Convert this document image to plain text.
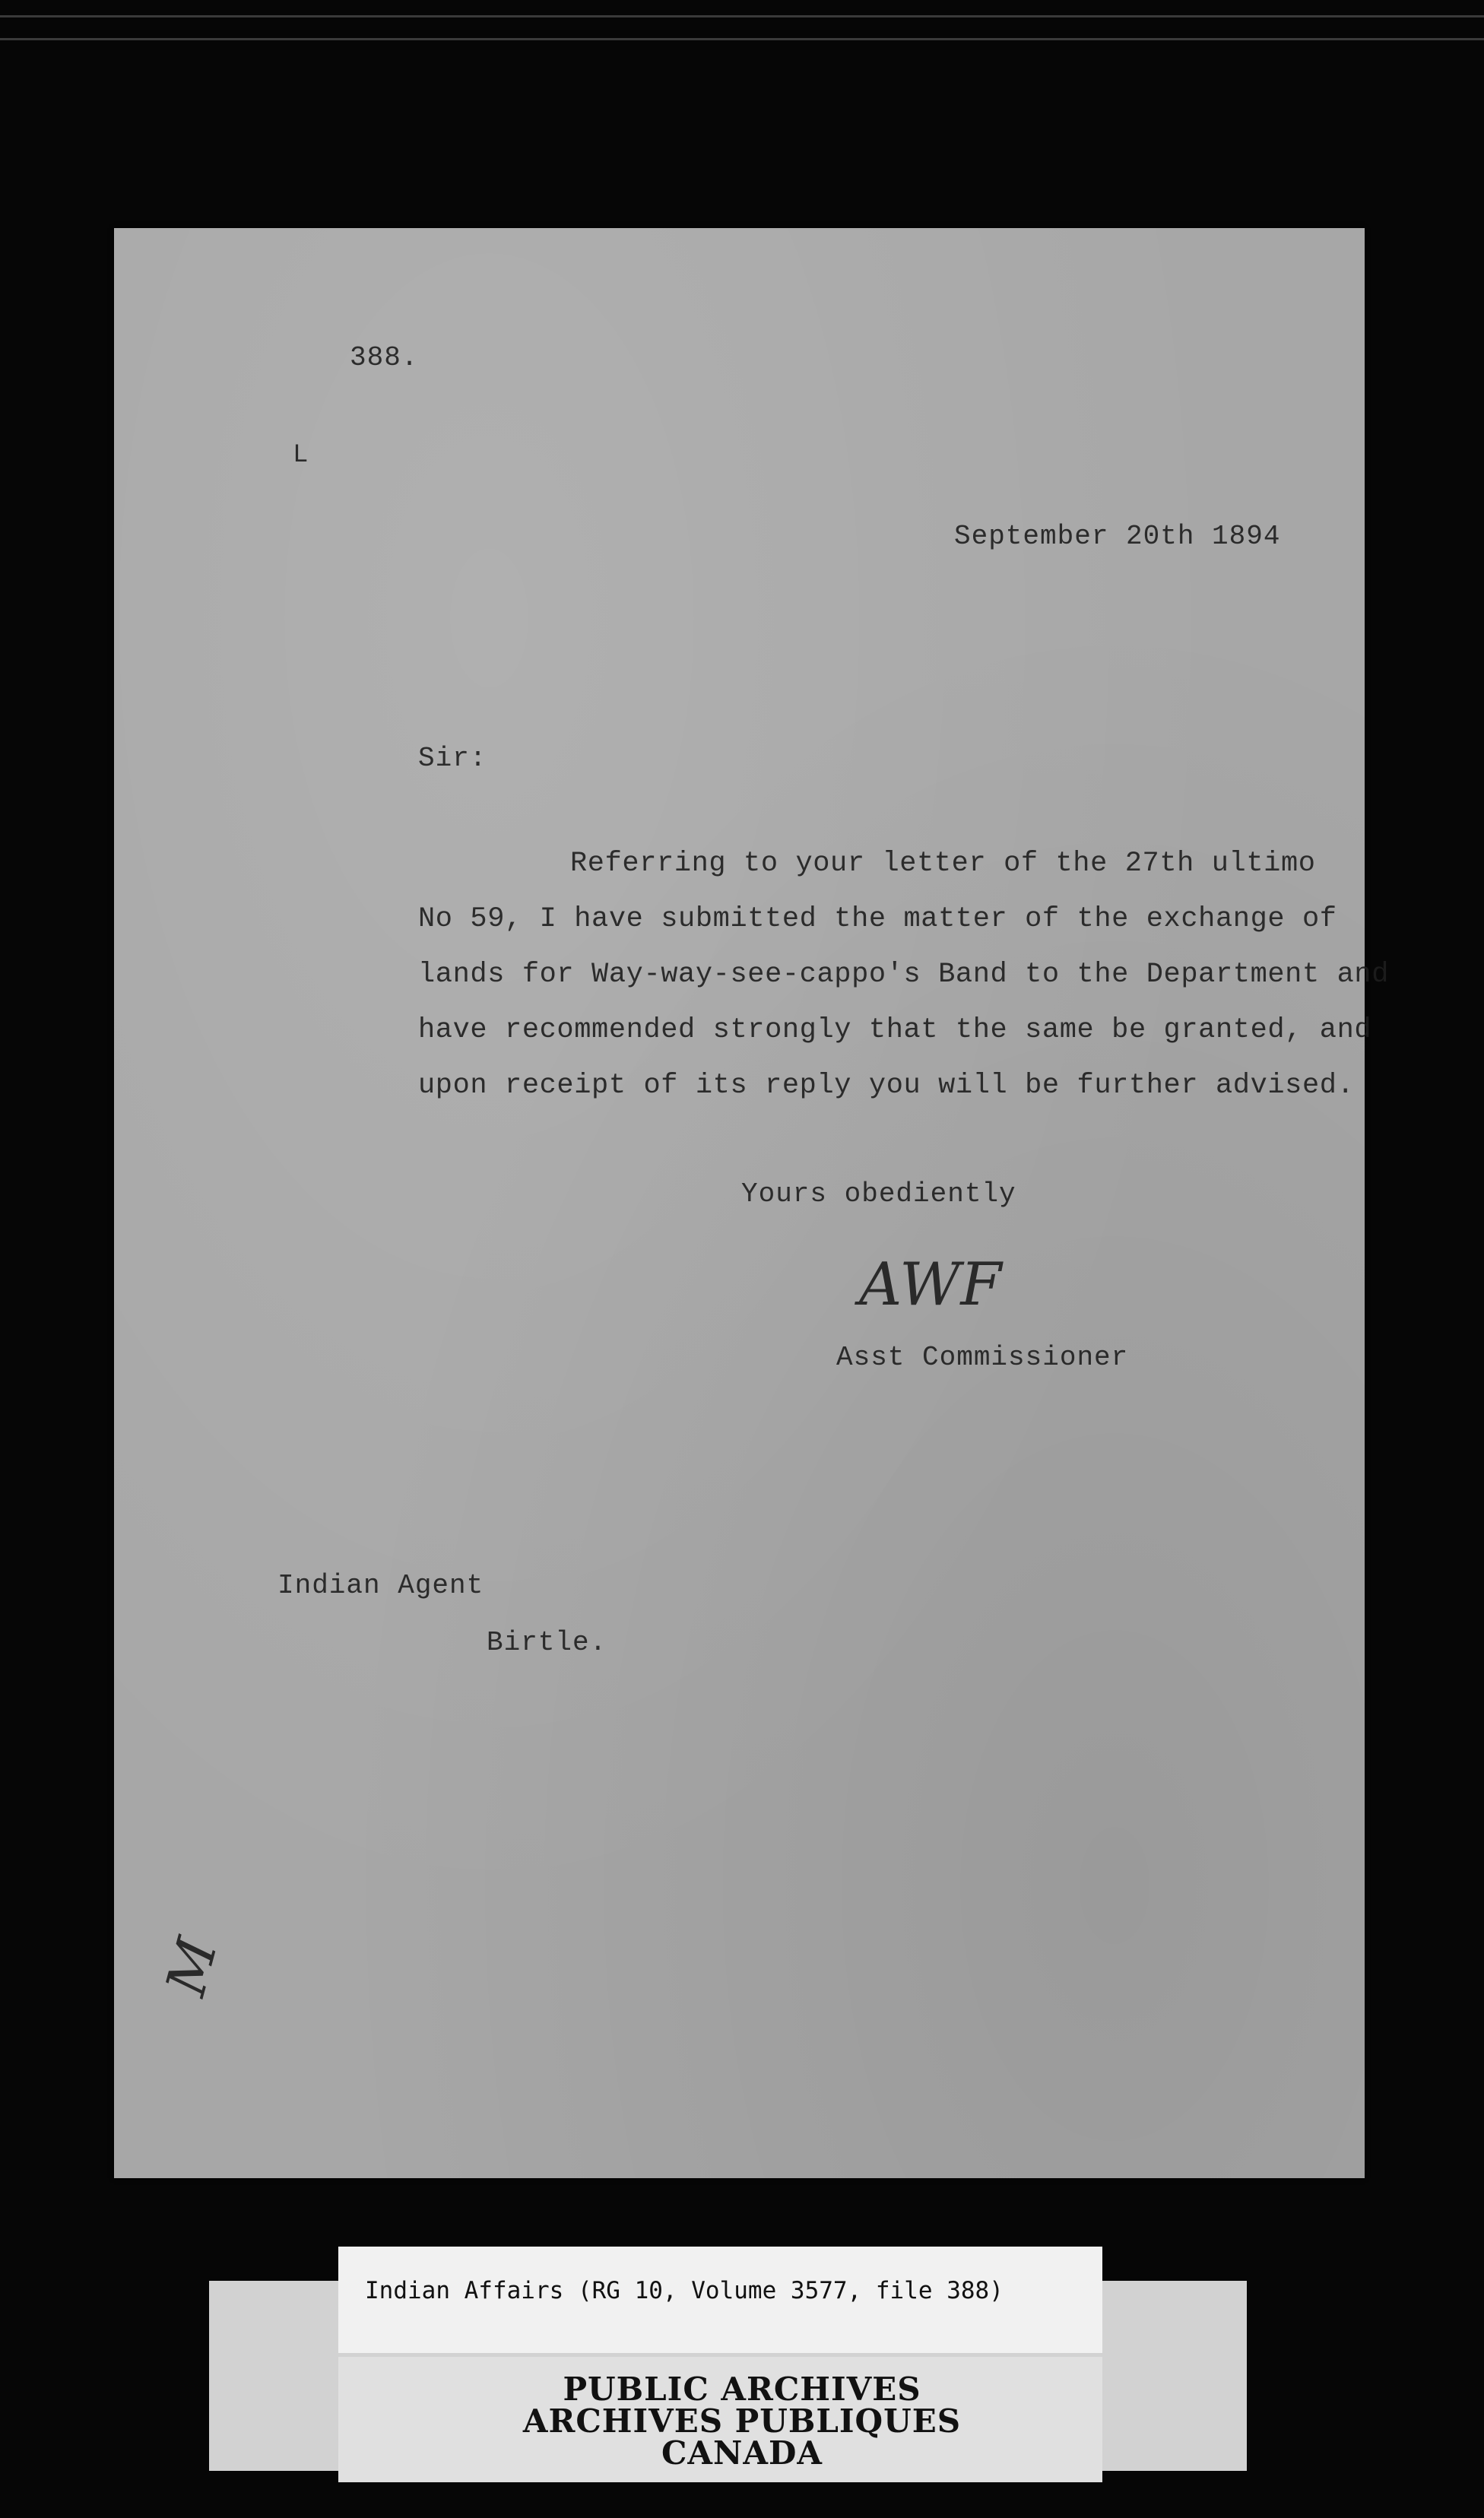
388.
L
September 20th 1894
Sir:
Referring to your letter of the 27th ultimo
No 59, I have submitted the matter of the exchange of
lands for Way-way-see-cappo's Band to the Department and
have recommended strongly that the same be granted, and
upon receipt of its reply you will be further advised.
Yours obediently
AWF
Asst Commissioner
Indian Agent
Birtle.
M
Indian Affairs (RG 10, Volume 3577, file 388)
PUBLIC ARCHIVES
ARCHIVES PUBLIQUES
CANADA
